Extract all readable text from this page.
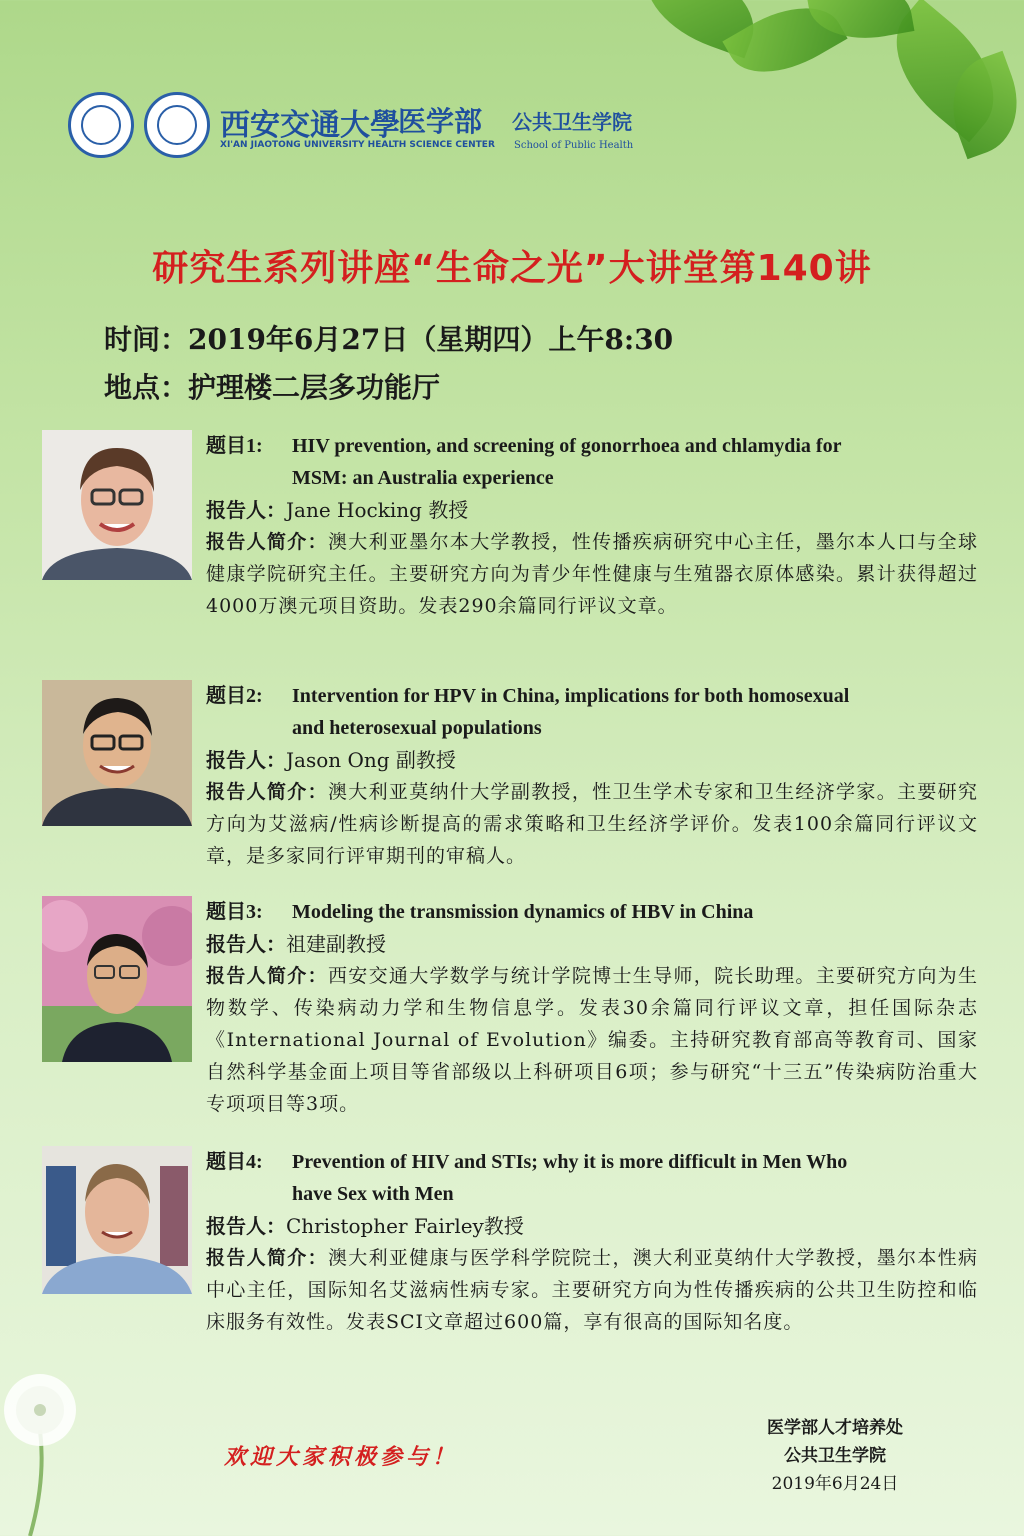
西安交通大學
医学部 公共卫生学院
XI'AN JIAOTONG UNIVERSITY HEALTH SCIENCE CENTER School of Public Health
研究生系列讲座“生命之光”大讲堂第140讲
时间：2019年6月27日（星期四）上午8:30
地点：护理楼二层多功能厅
题目1: HIV prevention, and screening of gonorrhoea and chlamydia for
MSM: an Australia experience
报告人：Jane Hocking 教授
报告人简介：澳大利亚墨尔本大学教授，性传播疾病研究中心主任，墨尔本人口与全球健康学院研究主任。主要研究方向为青少年性健康与生殖器衣原体感染。累计获得超过4000万澳元项目资助。发表290余篇同行评议文章。
题目2: Intervention for HPV in China, implications for both homosexual
and heterosexual populations
报告人：Jason Ong 副教授
报告人简介：澳大利亚莫纳什大学副教授，性卫生学术专家和卫生经济学家。主要研究方向为艾滋病/性病诊断提高的需求策略和卫生经济学评价。发表100余篇同行评议文章，是多家同行评审期刊的审稿人。
题目3: Modeling the transmission dynamics of HBV in China
报告人：祖建副教授
报告人简介：西安交通大学数学与统计学院博士生导师，院长助理。主要研究方向为生物数学、传染病动力学和生物信息学。发表30余篇同行评议文章，担任国际杂志《International Journal of Evolution》编委。主持研究教育部高等教育司、国家自然科学基金面上项目等省部级以上科研项目6项；参与研究“十三五”传染病防治重大专项项目等3项。
题目4: Prevention of HIV and STIs; why it is more difficult in Men Who
have Sex with Men
报告人：Christopher Fairley教授
报告人简介：澳大利亚健康与医学科学院院士，澳大利亚莫纳什大学教授，墨尔本性病中心主任，国际知名艾滋病性病专家。主要研究方向为性传播疾病的公共卫生防控和临床服务有效性。发表SCI文章超过600篇，享有很高的国际知名度。
欢迎大家积极参与！
医学部人才培养处
公共卫生学院
2019年6月24日
